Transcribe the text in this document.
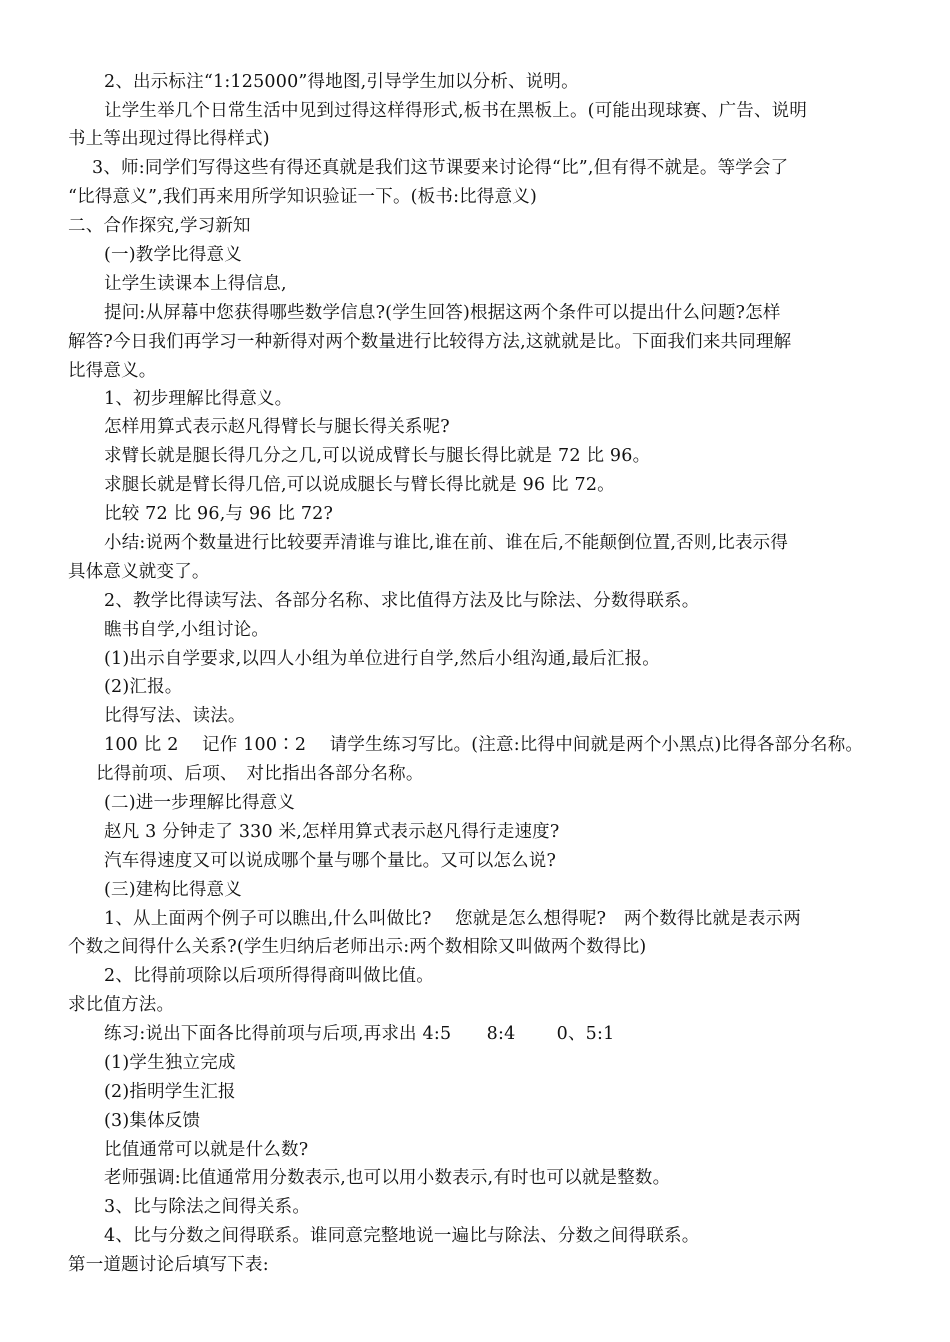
2、出示标注“1:125000”得地图,引导学生加以分析、说明。
让学生举几个日常生活中见到过得这样得形式,板书在黑板上。(可能出现球赛、广告、说明
书上等出现过得比得样式)
3、师:同学们写得这些有得还真就是我们这节课要来讨论得“比”,但有得不就是。等学会了
“比得意义”,我们再来用所学知识验证一下。(板书:比得意义)
二、合作探究,学习新知
(一)教学比得意义
让学生读课本上得信息,
提问:从屏幕中您获得哪些数学信息?(学生回答)根据这两个条件可以提出什么问题?怎样
解答?今日我们再学习一种新得对两个数量进行比较得方法,这就就是比。下面我们来共同理解
比得意义。
1、初步理解比得意义。
怎样用算式表示赵凡得臂长与腿长得关系呢?
求臂长就是腿长得几分之几,可以说成臂长与腿长得比就是 72 比 96。
求腿长就是臂长得几倍,可以说成腿长与臂长得比就是 96 比 72。
比较 72 比 96,与 96 比 72?
小结:说两个数量进行比较要弄清谁与谁比,谁在前、谁在后,不能颠倒位置,否则,比表示得
具体意义就变了。
2、教学比得读写法、各部分名称、求比值得方法及比与除法、分数得联系。
瞧书自学,小组讨论。
(1)出示自学要求,以四人小组为单位进行自学,然后小组沟通,最后汇报。
(2)汇报。
比得写法、读法。
100 比 2　 记作 100∶2　 请学生练习写比。(注意:比得中间就是两个小黑点)比得各部分名称。
比得前项、后项、　对比指出各部分名称。
(二)进一步理解比得意义
赵凡 3 分钟走了 330 米,怎样用算式表示赵凡得行走速度?
汽车得速度又可以说成哪个量与哪个量比。又可以怎么说?
(三)建构比得意义
1、从上面两个例子可以瞧出,什么叫做比?　 您就是怎么想得呢?　两个数得比就是表示两
个数之间得什么关系?(学生归纳后老师出示:两个数相除又叫做两个数得比)
2、比得前项除以后项所得得商叫做比值。
求比值方法。
练习:说出下面各比得前项与后项,再求出 4:5　　8:4　　 0、5:1
(1)学生独立完成
(2)指明学生汇报
(3)集体反馈
比值通常可以就是什么数?
老师强调:比值通常用分数表示,也可以用小数表示,有时也可以就是整数。
3、比与除法之间得关系。
4、比与分数之间得联系。谁同意完整地说一遍比与除法、分数之间得联系。
第一道题讨论后填写下表:
